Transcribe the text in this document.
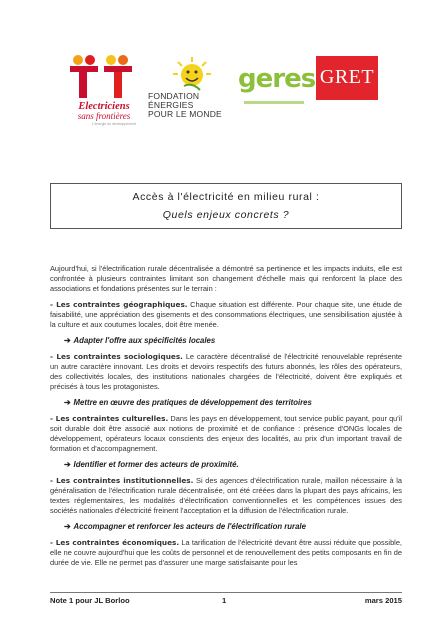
Electriciens
sans frontières
L'énergie du développement
FONDATION
ÉNERGIES
POUR LE MONDE
geres GRET
Accès à l'électricité en milieu rural :
Quels enjeux concrets ?

Aujourd'hui, si l'électrification rurale décentralisée a démontré sa pertinence et les impacts induits, elle est confrontée à plusieurs contraintes limitant son changement d'échelle mais qui renforcent la place des associations et fondations présentes sur le terrain :

- Les contraintes géographiques. Chaque situation est différente. Pour chaque site, une étude de faisabilité, une appréciation des gisements et des consommations électriques, une sensibilisation ajustée à la culture et aux coutumes locales, doit être menée.

➔ Adapter l'offre aux spécificités locales

- Les contraintes sociologiques. Le caractère décentralisé de l'électricité renouvelable représente un autre caractère innovant. Les droits et devoirs respectifs des futurs abonnés, les rôles des opérateurs, des collectivités locales, des institutions nationales chargées de l'électricité, doivent être expliqués et précisés à tous les protagonistes.

➔ Mettre en œuvre des pratiques de développement des territoires

- Les contraintes culturelles. Dans les pays en développement, tout service public payant, pour qu'il soit durable doit être associé aux notions de proximité et de confiance : présence d'ONGs locales de développement, opérateurs locaux conscients des enjeux des localités, au prix d'un important travail de formation et d'accompagnement.

➔ Identifier et former des acteurs de proximité.

- Les contraintes institutionnelles. Si des agences d'électrification rurale, maillon nécessaire à la généralisation de l'électrification rurale décentralisée, ont été créées dans la plupart des pays africains, les textes réglementaires, les modalités d'électrification conventionnelles et les compétences issues des sociétés nationales d'électricité freinent l'acceptation et la diffusion de l'électrification rurale.

➔ Accompagner et renforcer les acteurs de l'électrification rurale

- Les contraintes économiques. La tarification de l'électricité devant être aussi réduite que possible, elle ne couvre aujourd'hui que les coûts de personnel et de renouvellement des petits composants en fin de durée de vie. Elle ne permet pas d'assurer une marge satisfaisante pour les

Note 1 pour JL Borloo	1	mars 2015
